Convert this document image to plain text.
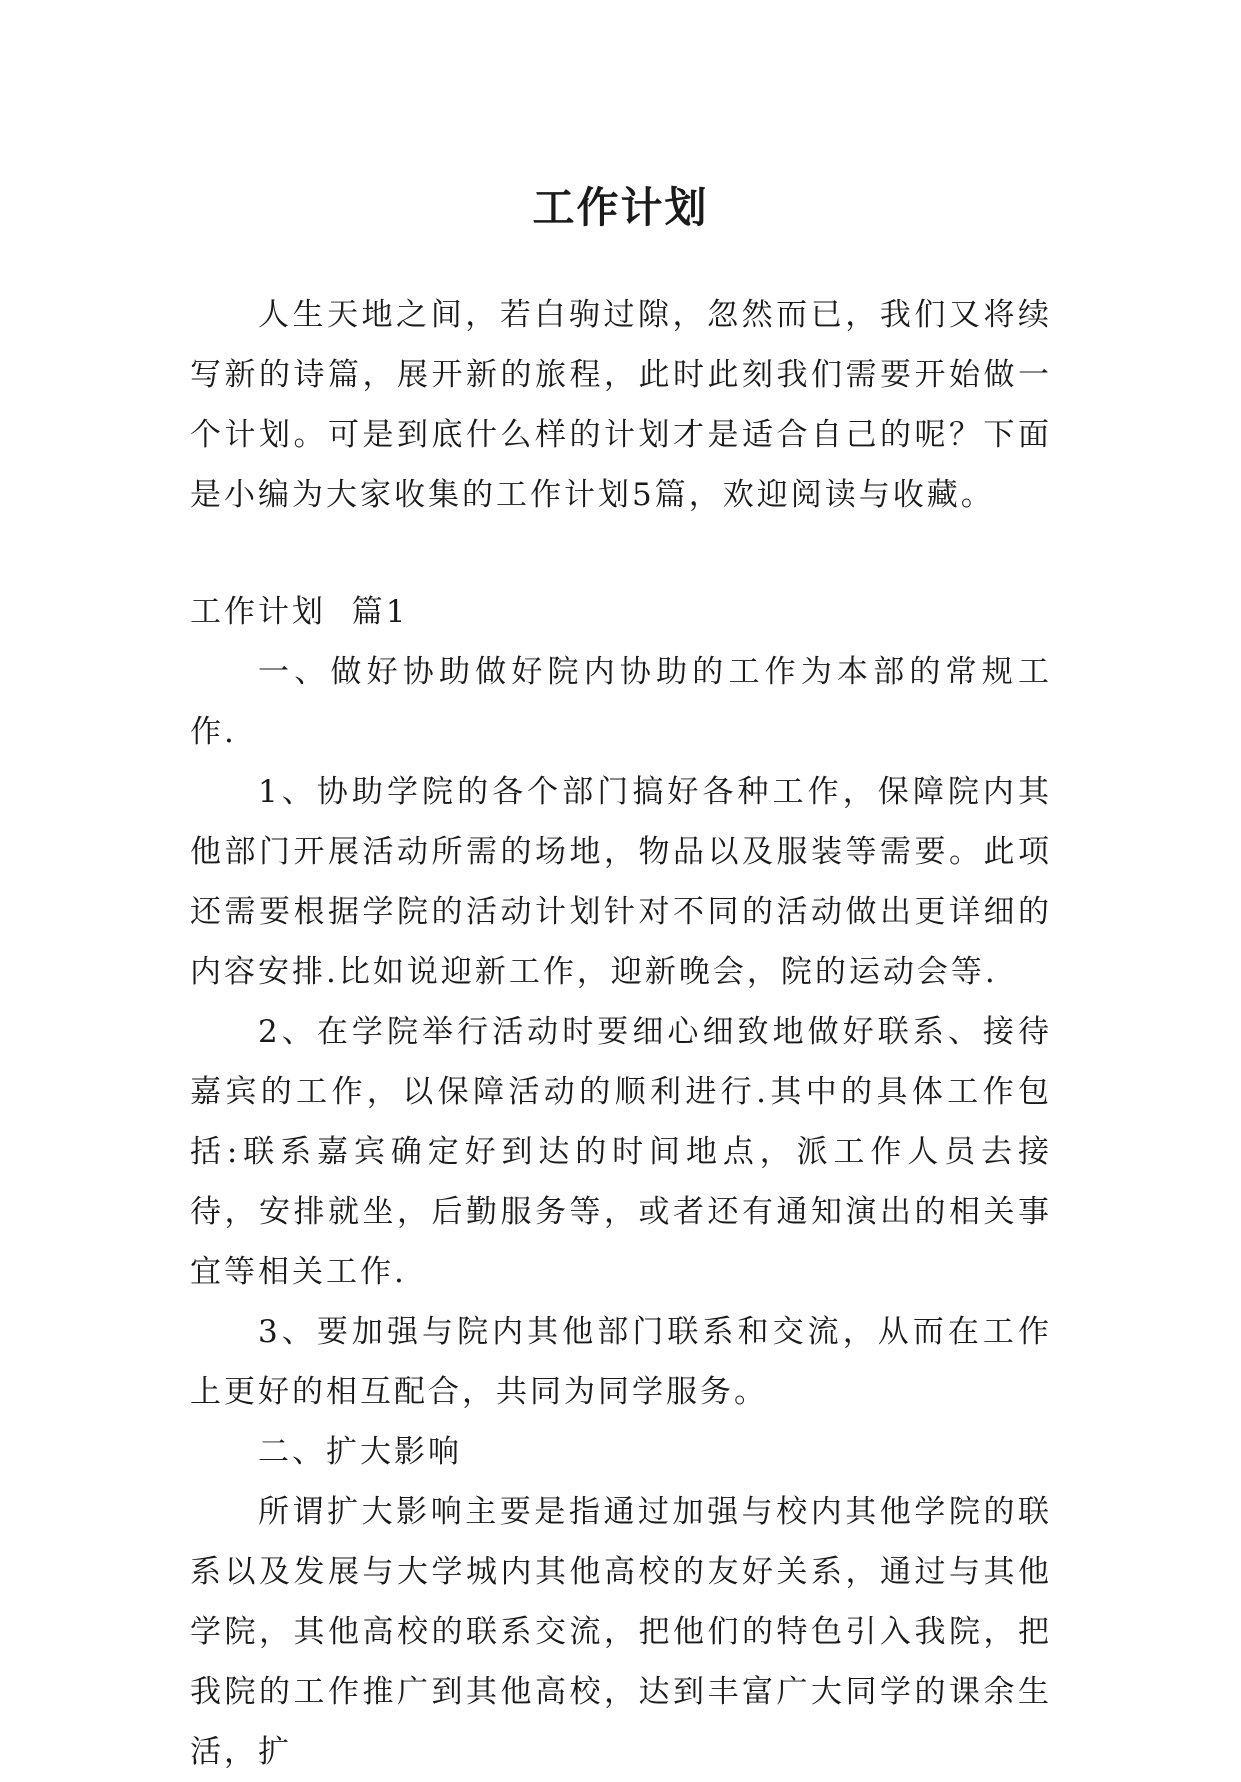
工作计划

人生天地之间，若白驹过隙，忽然而已，我们又将续写新的诗篇，展开新的旅程，此时此刻我们需要开始做一个计划。可是到底什么样的计划才是适合自己的呢？下面是小编为大家收集的工作计划5篇，欢迎阅读与收藏。

工作计划  篇1

一、做好协助做好院内协助的工作为本部的常规工作.

1、协助学院的各个部门搞好各种工作，保障院内其他部门开展活动所需的场地，物品以及服装等需要。此项还需要根据学院的活动计划针对不同的活动做出更详细的内容安排.比如说迎新工作，迎新晚会，院的运动会等.

2、在学院举行活动时要细心细致地做好联系、接待嘉宾的工作，以保障活动的顺利进行.其中的具体工作包括:联系嘉宾确定好到达的时间地点，派工作人员去接待，安排就坐，后勤服务等，或者还有通知演出的相关事宜等相关工作.

3、要加强与院内其他部门联系和交流，从而在工作上更好的相互配合，共同为同学服务。

二、扩大影响

所谓扩大影响主要是指通过加强与校内其他学院的联系以及发展与大学城内其他高校的友好关系，通过与其他学院，其他高校的联系交流，把他们的特色引入我院，把我院的工作推广到其他高校，达到丰富广大同学的课余生活，扩
